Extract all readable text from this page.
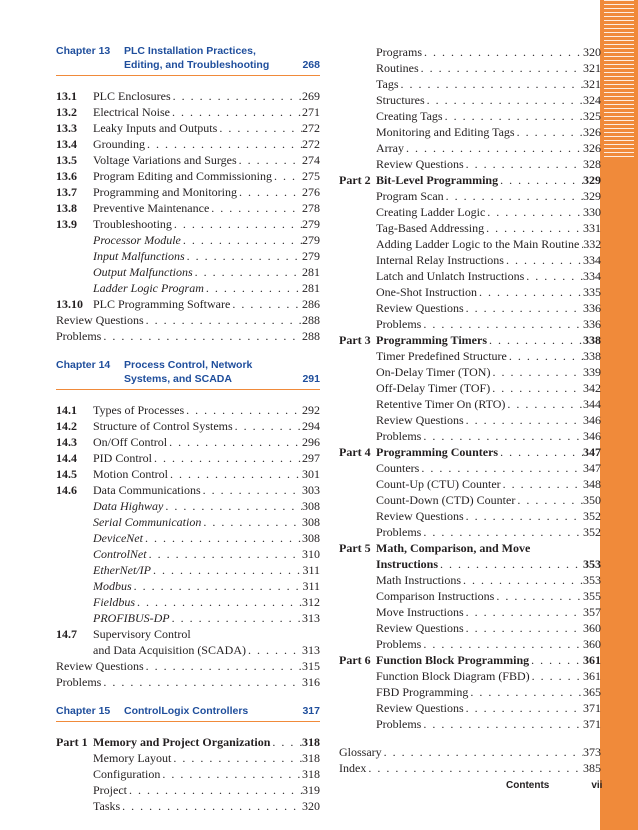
Chapter 13 PLC Installation Practices, Editing, and Troubleshooting	268
13.1	PLC Enclosures . . .	269
13.2	Electrical Noise . . .	271
13.3	Leaky Inputs and Outputs . . .	272
13.4	Grounding . . .	272
13.5	Voltage Variations and Surges . . .	274
13.6	Program Editing and Commissioning . . .	275
13.7	Programming and Monitoring . . .	276
13.8	Preventive Maintenance . . .	278
13.9	Troubleshooting . . .	279
Processor Module . . .	279
Input Malfunctions . . .	279
Output Malfunctions . . .	281
Ladder Logic Program . . .	281
13.10 PLC Programming Software . . .	286
Review Questions . . .	288
Problems . . .	288
Chapter 14 Process Control, Network Systems, and SCADA	291
14.1	Types of Processes . . .	292
14.2	Structure of Control Systems . . .	294
14.3	On/Off Control . . .	296
14.4	PID Control . . .	297
14.5	Motion Control . . .	301
14.6	Data Communications . . .	303
Data Highway . . .	308
Serial Communication . . .	308
DeviceNet . . .	308
ControlNet . . .	310
EtherNet/IP . . .	311
Modbus . . .	311
Fieldbus . . .	312
PROFIBUS-DP . . .	313
14.7	Supervisory Control
and Data Acquisition (SCADA) . . .	313
Review Questions . . .	315
Problems . . .	316
Chapter 15 ControlLogix Controllers	317
Part 1 Memory and Project Organization . . .	318
Memory Layout . . .	318
Configuration . . .	318
Project . . .	319
Tasks . . .	320
Programs . . .	320
Routines . . .	321
Tags . . .	321
Structures . . .	324
Creating Tags . . .	325
Monitoring and Editing Tags . . .	326
Array . . .	326
Review Questions . . .	328
Part 2 Bit-Level Programming . . .	329
Program Scan . . .	329
Creating Ladder Logic . . .	330
Tag-Based Addressing . . .	331
Adding Ladder Logic to the Main Routine . . . 332
Internal Relay Instructions . . .	334
Latch and Unlatch Instructions . . .	334
One-Shot Instruction . . .	335
Review Questions . . .	336
Problems . . .	336
Part 3 Programming Timers . . .	338
Timer Predefined Structure . . .	338
On-Delay Timer (TON) . . .	339
Off-Delay Timer (TOF) . . .	342
Retentive Timer On (RTO) . . .	344
Review Questions . . .	346
Problems . . .	346
Part 4 Programming Counters . . .	347
Counters . . .	347
Count-Up (CTU) Counter . . .	348
Count-Down (CTD) Counter . . .	350
Review Questions . . .	352
Problems . . .	352
Part 5 Math, Comparison, and Move
Instructions . . .	353
Math Instructions . . .	353
Comparison Instructions . . .	355
Move Instructions . . .	357
Review Questions . . .	360
Problems . . .	360
Part 6 Function Block Programming . . .	361
Function Block Diagram (FBD) . . .	361
FBD Programming . . .	365
Review Questions . . .	371
Problems . . .	371
Glossary . . .	373
Index . . .	385
Contents	vii
